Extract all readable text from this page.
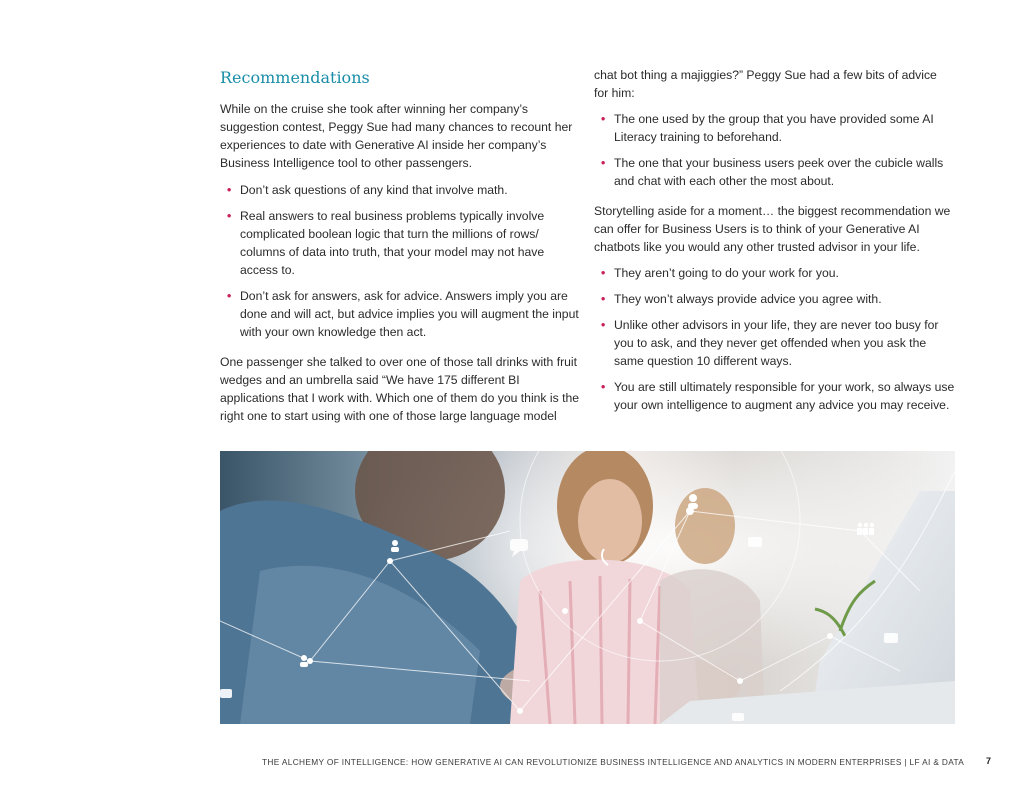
Recommendations

While on the cruise she took after winning her company’s suggestion contest, Peggy Sue had many chances to recount her experiences to date with Generative AI inside her company’s Business Intelligence tool to other passengers.

• Don’t ask questions of any kind that involve math.
• Real answers to real business problems typically involve complicated boolean logic that turn the millions of rows/ columns of data into truth, that your model may not have access to.
• Don’t ask for answers, ask for advice. Answers imply you are done and will act, but advice implies you will augment the input with your own knowledge then act.

One passenger she talked to over one of those tall drinks with fruit wedges and an umbrella said “We have 175 different BI applications that I work with. Which one of them do you think is the right one to start using with one of those large language model

chat bot thing a majiggies?” Peggy Sue had a few bits of advice for him:

• The one used by the group that you have provided some AI Literacy training to beforehand.
• The one that your business users peek over the cubicle walls and chat with each other the most about.

Storytelling aside for a moment… the biggest recommendation we can offer for Business Users is to think of your Generative AI chatbots like you would any other trusted advisor in your life.

• They aren’t going to do your work for you.
• They won’t always provide advice you agree with.
• Unlike other advisors in your life, they are never too busy for you to ask, and they never get offended when you ask the same question 10 different ways.
• You are still ultimately responsible for your work, so always use your own intelligence to augment any advice you may receive.
THE ALCHEMY OF INTELLIGENCE: HOW GENERATIVE AI CAN REVOLUTIONIZE BUSINESS INTELLIGENCE AND ANALYTICS IN MODERN ENTERPRISES | LF AI & DATA 7
